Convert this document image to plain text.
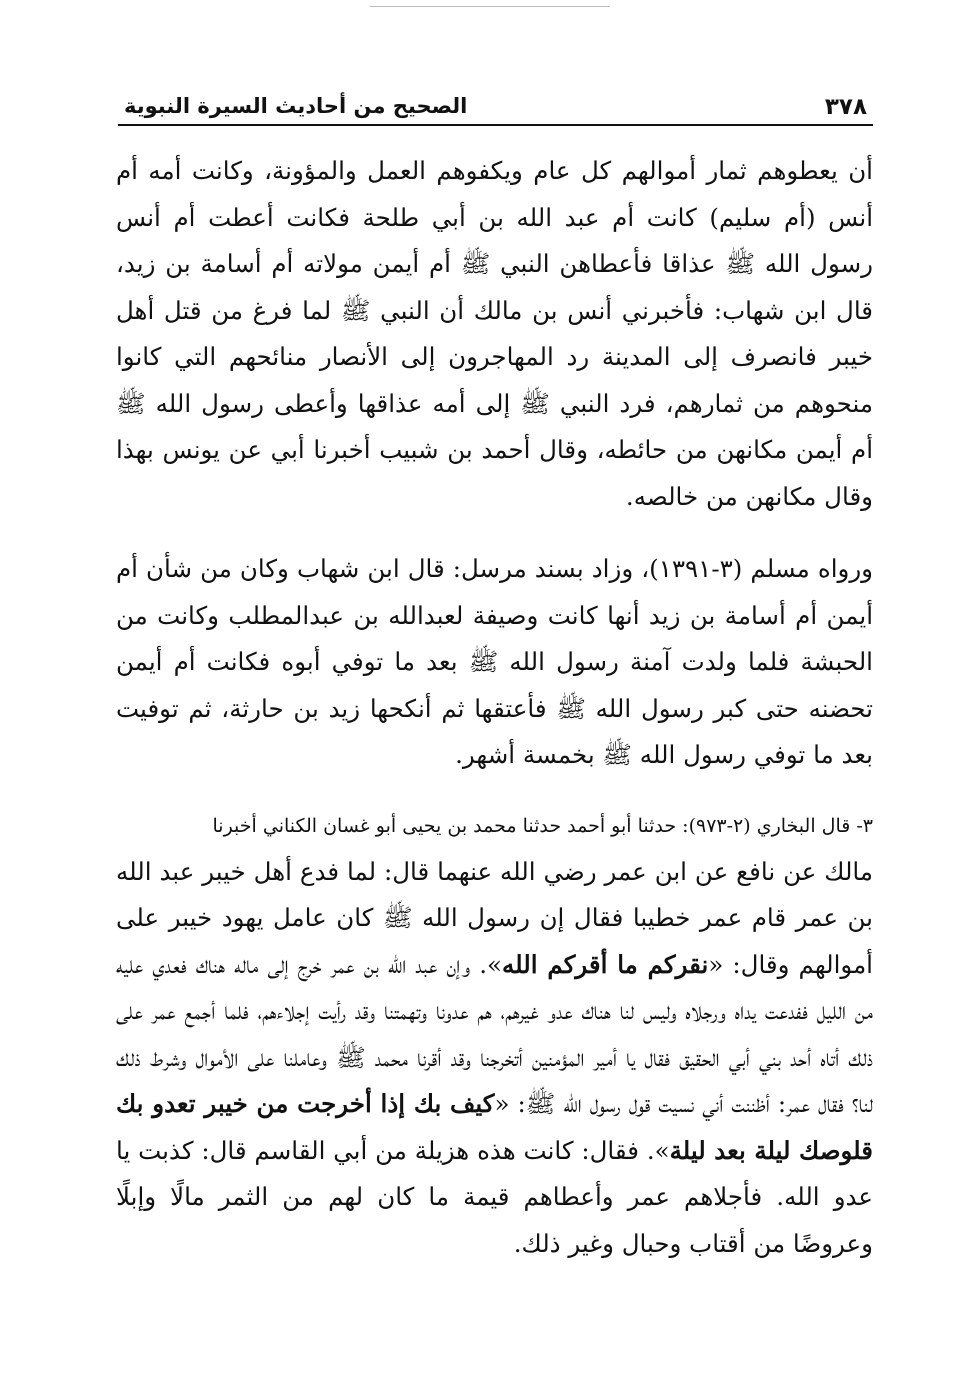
٣٧٨
الصحيح من أحاديث السيرة النبوية

أن يعطوهم ثمار أموالهم كل عام ويكفوهم العمل والمؤونة، وكانت أمه أم أنس (أم سليم) كانت أم عبد الله بن أبي طلحة فكانت أعطت أم أنس رسول الله ﷺ عذاقا فأعطاهن النبي ﷺ أم أيمن مولاته أم أسامة بن زيد، قال ابن شهاب: فأخبرني أنس بن مالك أن النبي ﷺ لما فرغ من قتل أهل خيبر فانصرف إلى المدينة رد المهاجرون إلى الأنصار منائحهم التي كانوا منحوهم من ثمارهم، فرد النبي ﷺ إلى أمه عذاقها وأعطى رسول الله ﷺ أم أيمن مكانهن من حائطه، وقال أحمد بن شبيب أخبرنا أبي عن يونس بهذا وقال مكانهن من خالصه.

ورواه مسلم (٣-١٣٩١)، وزاد بسند مرسل: قال ابن شهاب وكان من شأن أم أيمن أم أسامة بن زيد أنها كانت وصيفة لعبدالله بن عبدالمطلب وكانت من الحبشة فلما ولدت آمنة رسول الله ﷺ بعد ما توفي أبوه فكانت أم أيمن تحضنه حتى كبر رسول الله ﷺ فأعتقها ثم أنكحها زيد بن حارثة، ثم توفيت بعد ما توفي رسول الله ﷺ بخمسة أشهر.

٣- قال البخاري (٢-٩٧٣): حدثنا أبو أحمد حدثنا محمد بن يحيى أبو غسان الكناني أخبرنا

مالك عن نافع عن ابن عمر رضي الله عنهما قال: لما فدع أهل خيبر عبد الله بن عمر قام عمر خطيبا فقال إن رسول الله ﷺ كان عامل يهود خيبر على أموالهم وقال: «نقركم ما أقركم الله». وإن عبد الله بن عمر خرج إلى ماله هناك فعدي عليه من الليل ففدعت يداه ورجلاه وليس لنا هناك عدو غيرهم، هم عدونا وتهمتنا وقد رأيت إجلاءهم، فلما أجمع عمر على ذلك أتاه أحد بني أبي الحقيق فقال يا أمير المؤمنين أتخرجنا وقد أقرنا محمد ﷺ وعاملنا على الأموال وشرط ذلك لنا؟ فقال عمر: أظننت أني نسيت قول رسول الله ﷺ: «كيف بك إذا أخرجت من خيبر تعدو بك قلوصك ليلة بعد ليلة». فقال: كانت هذه هزيلة من أبي القاسم قال: كذبت يا عدو الله. فأجلاهم عمر وأعطاهم قيمة ما كان لهم من الثمر مالًا وإبلًا وعروضًا من أقتاب وحبال وغير ذلك.
